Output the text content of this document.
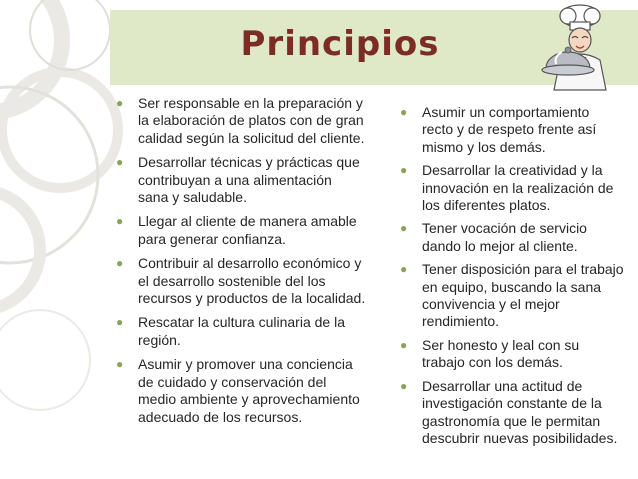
Principios
● Ser responsable en la preparación y la elaboración de platos con de gran calidad según la solicitud del cliente.
● Desarrollar técnicas y prácticas que contribuyan a una alimentación sana y saludable.
● Llegar al cliente de manera amable para generar confianza.
● Contribuir al desarrollo económico y el desarrollo sostenible del los recursos y productos de la localidad.
● Rescatar la cultura culinaria de la región.
● Asumir y promover una conciencia de cuidado y conservación del medio ambiente y aprovechamiento adecuado de los recursos.
● Asumir un comportamiento recto y de respeto frente así mismo y los demás.
● Desarrollar la creatividad y la innovación en la realización de los diferentes platos.
● Tener vocación de servicio dando lo mejor al cliente.
● Tener disposición para el trabajo en equipo, buscando la sana convivencia y el mejor rendimiento.
● Ser honesto y leal con su trabajo con los demás.
● Desarrollar una actitud de investigación constante de la gastronomía que le permitan descubrir nuevas posibilidades.
